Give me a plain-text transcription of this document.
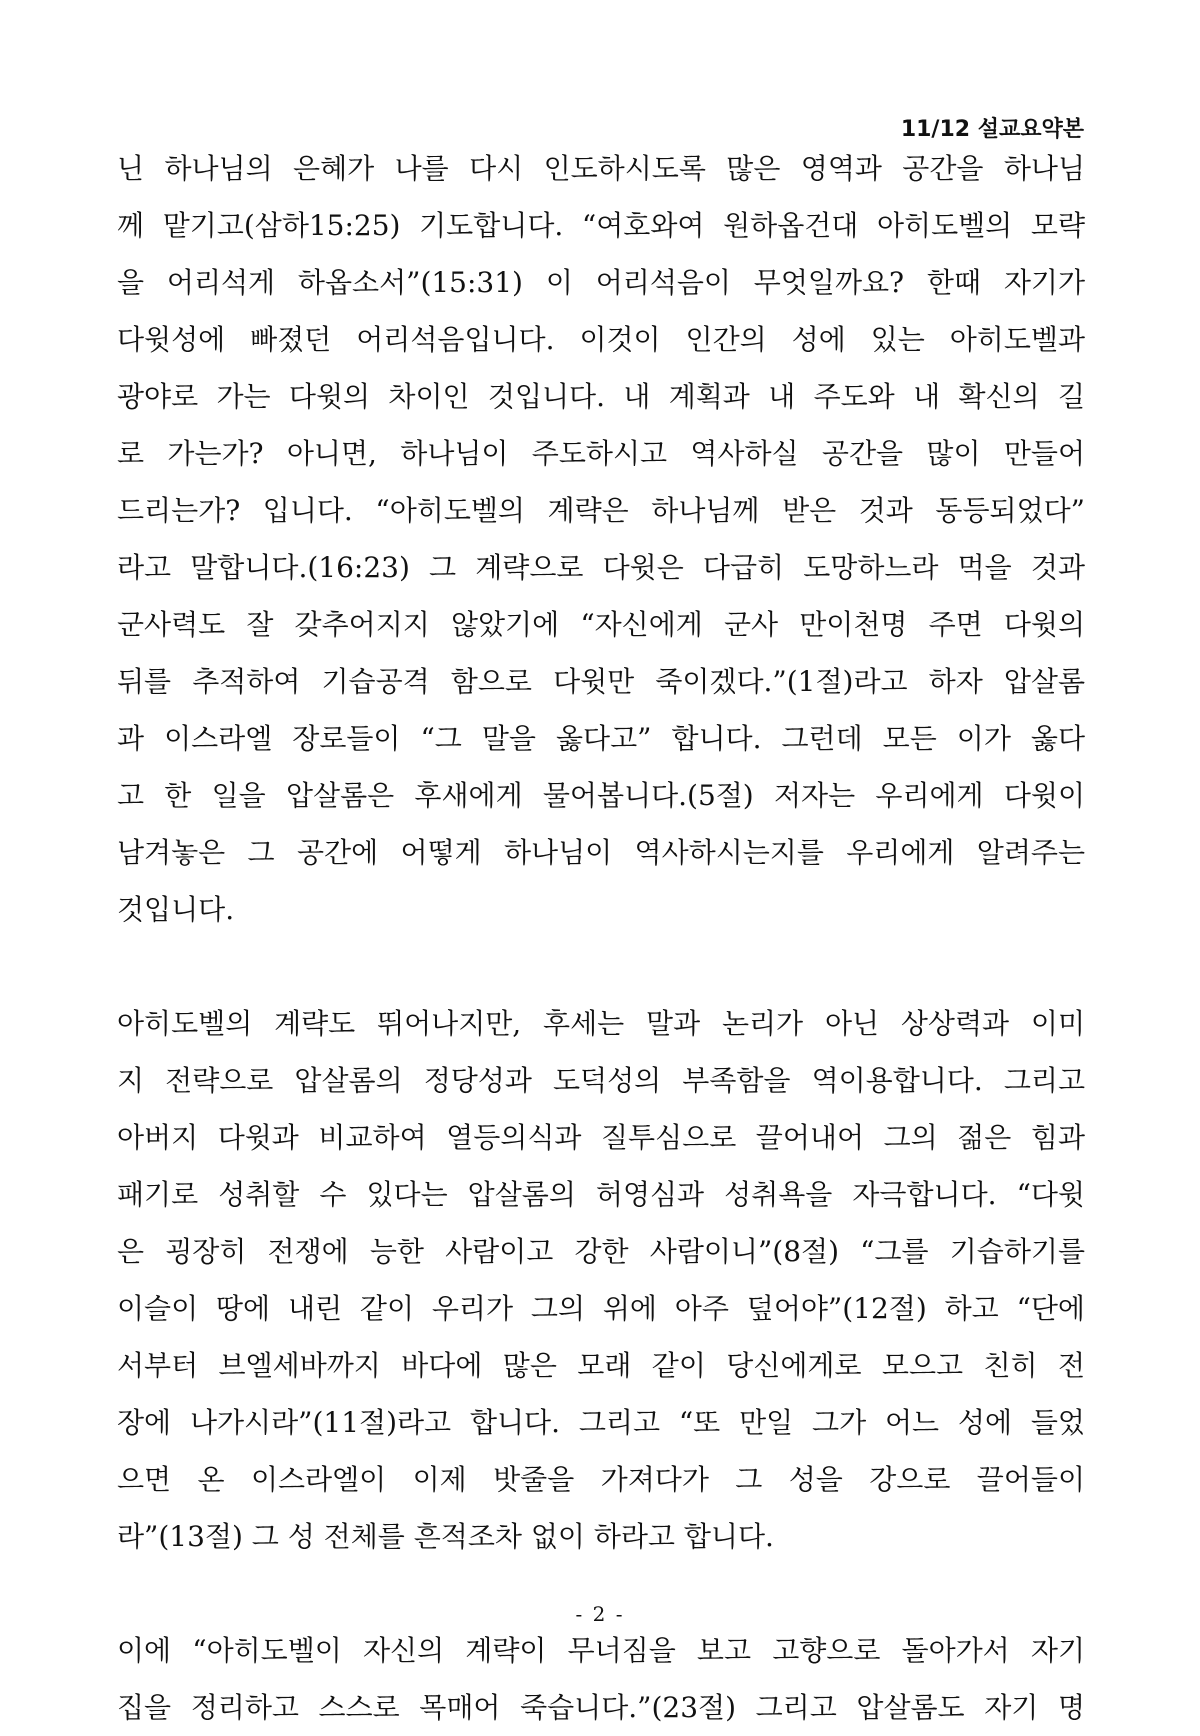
11/12 설교요약본
닌 하나님의 은혜가 나를 다시 인도하시도록 많은 영역과 공간을 하나님
께 맡기고(삼하15:25) 기도합니다. “여호와여 원하옵건대 아히도벨의 모략
을 어리석게 하옵소서”(15:31) 이 어리석음이 무엇일까요? 한때 자기가
다윗성에 빠졌던 어리석음입니다. 이것이 인간의 성에 있는 아히도벨과
광야로 가는 다윗의 차이인 것입니다. 내 계획과 내 주도와 내 확신의 길
로 가는가? 아니면, 하나님이 주도하시고 역사하실 공간을 많이 만들어
드리는가? 입니다. “아히도벨의 계략은 하나님께 받은 것과 동등되었다”
라고 말합니다.(16:23) 그 계략으로 다윗은 다급히 도망하느라 먹을 것과
군사력도 잘 갖추어지지 않았기에 “자신에게 군사 만이천명 주면 다윗의
뒤를 추적하여 기습공격 함으로 다윗만 죽이겠다.”(1절)라고 하자 압살롬
과 이스라엘 장로들이 “그 말을 옳다고” 합니다. 그런데 모든 이가 옳다
고 한 일을 압살롬은 후새에게 물어봅니다.(5절) 저자는 우리에게 다윗이
남겨놓은 그 공간에 어떻게 하나님이 역사하시는지를 우리에게 알려주는
것입니다.
아히도벨의 계략도 뛰어나지만, 후세는 말과 논리가 아닌 상상력과 이미
지 전략으로 압살롬의 정당성과 도덕성의 부족함을 역이용합니다. 그리고
아버지 다윗과 비교하여 열등의식과 질투심으로 끌어내어 그의 젊은 힘과
패기로 성취할 수 있다는 압살롬의 허영심과 성취욕을 자극합니다. “다윗
은 굉장히 전쟁에 능한 사람이고 강한 사람이니”(8절) “그를 기습하기를
이슬이 땅에 내린 같이 우리가 그의 위에 아주 덮어야”(12절) 하고 “단에
서부터 브엘세바까지 바다에 많은 모래 같이 당신에게로 모으고 친히 전
장에 나가시라”(11절)라고 합니다. 그리고 “또 만일 그가 어느 성에 들었
으면 온 이스라엘이 이제 밧줄을 가져다가 그 성을 강으로 끌어들이
라”(13절) 그 성 전체를 흔적조차 없이 하라고 합니다.
이에 “아히도벨이 자신의 계략이 무너짐을 보고 고향으로 돌아가서 자기
집을 정리하고 스스로 목매어 죽습니다.”(23절) 그리고 압살롬도 자기 명
- 2 -
